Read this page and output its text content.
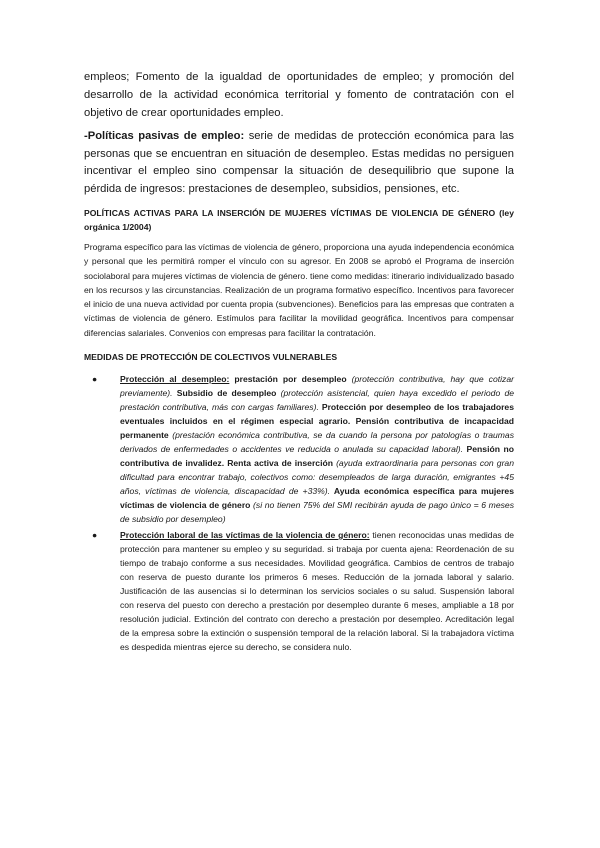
empleos; Fomento de la igualdad de oportunidades de empleo; y promoción del desarrollo de la actividad económica territorial y fomento de contratación con el objetivo de crear oportunidades empleo.

-Políticas pasivas de empleo: serie de medidas de protección económica para las personas que se encuentran en situación de desempleo. Estas medidas no persiguen incentivar el empleo sino compensar la situación de desequilibrio que supone la pérdida de ingresos: prestaciones de desempleo, subsidios, pensiones, etc.

POLÍTICAS ACTIVAS PARA LA INSERCIÓN DE MUJERES VÍCTIMAS DE VIOLENCIA DE GÉNERO (ley orgánica 1/2004)

Programa específico para las víctimas de violencia de género, proporciona una ayuda independencia económica y personal que les permitirá romper el vínculo con su agresor. En 2008 se aprobó el Programa de inserción sociolaboral para mujeres víctimas de violencia de género. tiene como medidas: itinerario individualizado basado en los recursos y las circunstancias. Realización de un programa formativo específico. Incentivos para favorecer el inicio de una nueva actividad por cuenta propia (subvenciones). Beneficios para las empresas que contraten a víctimas de violencia de género. Estímulos para facilitar la movilidad geográfica. Incentivos para compensar diferencias salariales. Convenios con empresas para facilitar la contratación.

MEDIDAS DE PROTECCIÓN DE COLECTIVOS VULNERABLES

●	Protección al desempleo: prestación por desempleo (protección contributiva, hay que cotizar previamente). Subsidio de desempleo (protección asistencial, quien haya excedido el periodo de prestación contributiva, más con cargas familiares). Protección por desempleo de los trabajadores eventuales incluidos en el régimen especial agrario. Pensión contributiva de incapacidad permanente (prestación económica contributiva, se da cuando la persona por patologías o traumas derivados de enfermedades o accidentes ve reducida o anulada su capacidad laboral). Pensión no contributiva de invalidez. Renta activa de inserción (ayuda extraordinaria para personas con gran dificultad para encontrar trabajo, colectivos como: desempleados de larga duración, emigrantes +45 años, víctimas de violencia, discapacidad de +33%). Ayuda económica específica para mujeres víctimas de violencia de género (si no tienen 75% del SMI recibirán ayuda de pago único = 6 meses de subsidio por desempleo)
●	Protección laboral de las víctimas de la violencia de género: tienen reconocidas unas medidas de protección para mantener su empleo y su seguridad. si trabaja por cuenta ajena: Reordenación de su tiempo de trabajo conforme a sus necesidades. Movilidad geográfica. Cambios de centros de trabajo con reserva de puesto durante los primeros 6 meses. Reducción de la jornada laboral y salario. Justificación de las ausencias si lo determinan los servicios sociales o su salud. Suspensión laboral con reserva del puesto con derecho a prestación por desempleo durante 6 meses, ampliable a 18 por resolución judicial. Extinción del contrato con derecho a prestación por desempleo. Acreditación legal de la empresa sobre la extinción o suspensión temporal de la relación laboral. Si la trabajadora víctima es despedida mientras ejerce su derecho, se considera nulo.
